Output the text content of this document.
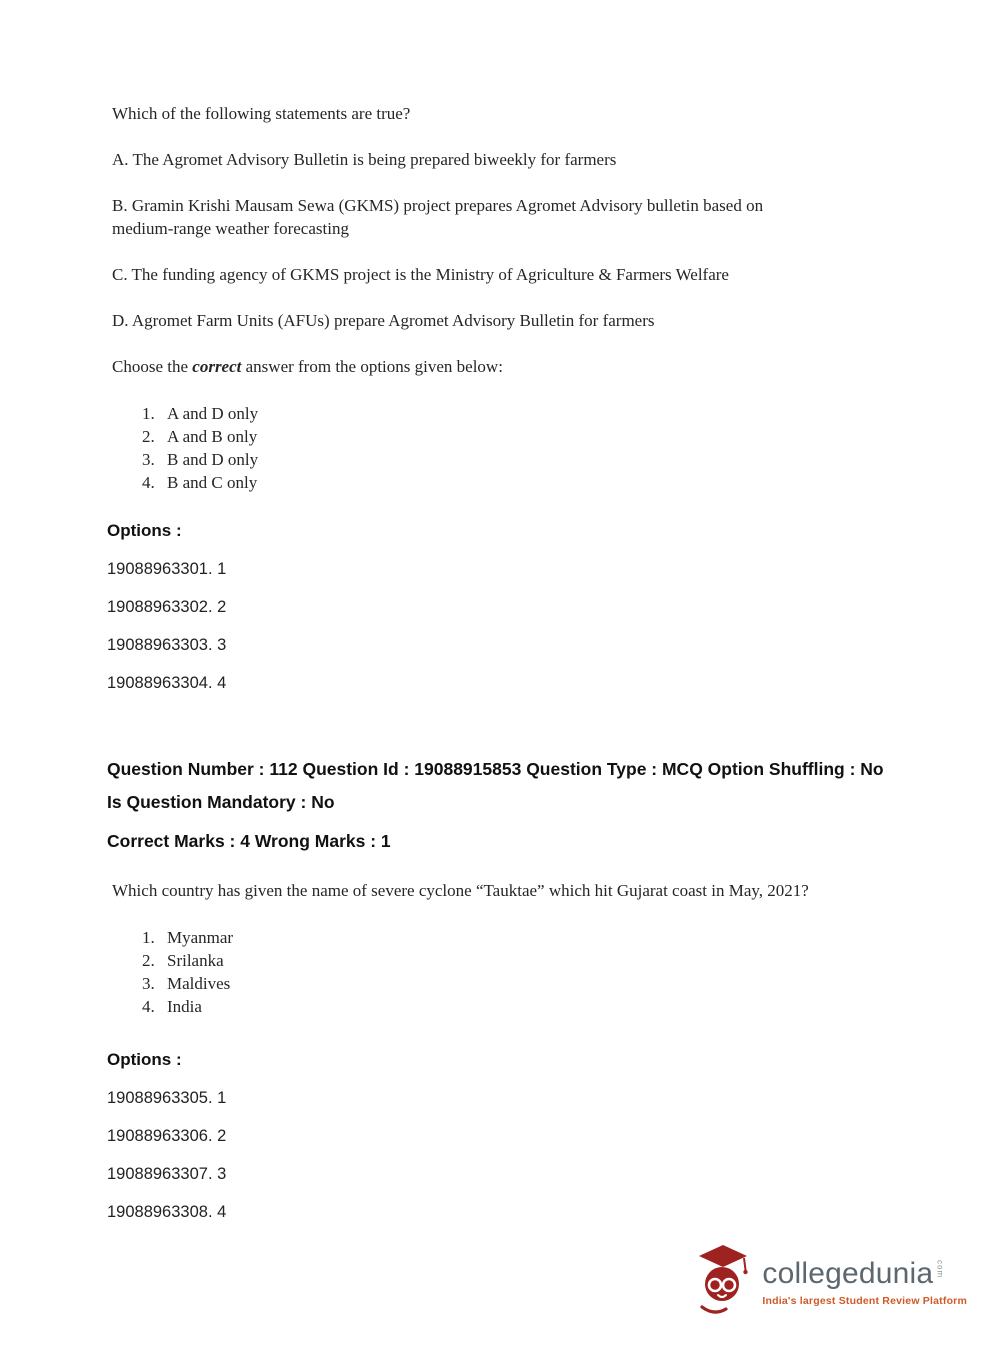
Which of the following statements are true?

A. The Agromet Advisory Bulletin is being prepared biweekly for farmers

B. Gramin Krishi Mausam Sewa (GKMS) project prepares Agromet Advisory bulletin based on medium-range weather forecasting

C. The funding agency of GKMS project is the Ministry of Agriculture & Farmers Welfare

D. Agromet Farm Units (AFUs) prepare Agromet Advisory Bulletin for farmers

Choose the correct answer from the options given below:

1. A and D only
2. A and B only
3. B and D only
4. B and C only

Options :

19088963301. 1

19088963302. 2

19088963303. 3

19088963304. 4

Question Number : 112 Question Id : 19088915853 Question Type : MCQ Option Shuffling : No
Is Question Mandatory : No
Correct Marks : 4 Wrong Marks : 1

Which country has given the name of severe cyclone “Tauktae” which hit Gujarat coast in May, 2021?

1. Myanmar
2. Srilanka
3. Maldives
4. India

Options :

19088963305. 1

19088963306. 2

19088963307. 3

19088963308. 4

collegedunia com
India's largest Student Review Platform
